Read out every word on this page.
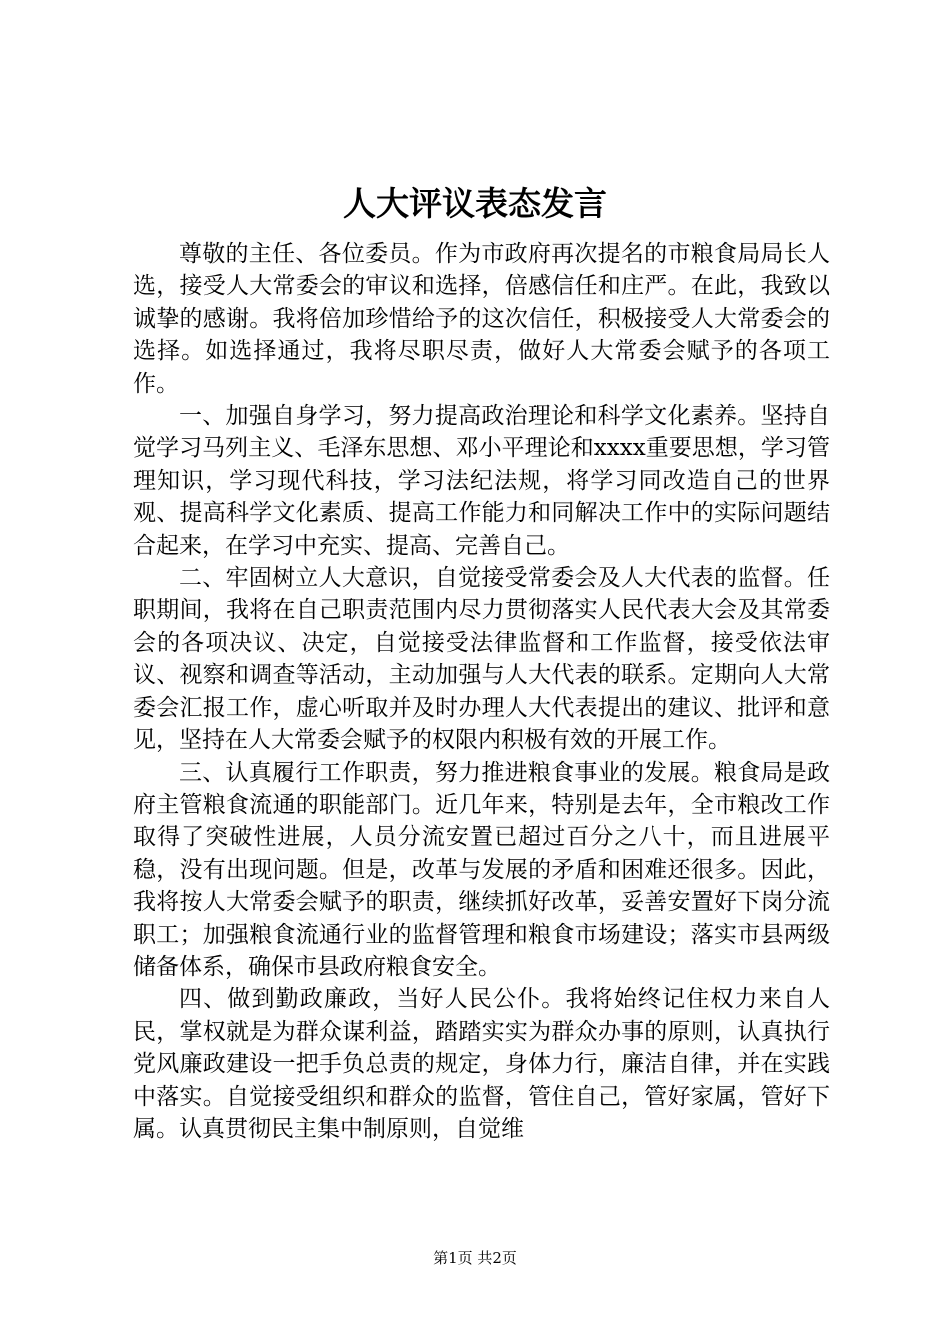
人大评议表态发言

尊敬的主任、各位委员。作为市政府再次提名的市粮食局局长人选，接受人大常委会的审议和选择，倍感信任和庄严。在此，我致以诚挚的感谢。我将倍加珍惜给予的这次信任，积极接受人大常委会的选择。如选择通过，我将尽职尽责，做好人大常委会赋予的各项工作。

一、加强自身学习，努力提高政治理论和科学文化素养。坚持自觉学习马列主义、毛泽东思想、邓小平理论和xxxx重要思想，学习管理知识，学习现代科技，学习法纪法规，将学习同改造自己的世界观、提高科学文化素质、提高工作能力和同解决工作中的实际问题结合起来，在学习中充实、提高、完善自己。

二、牢固树立人大意识，自觉接受常委会及人大代表的监督。任职期间，我将在自己职责范围内尽力贯彻落实人民代表大会及其常委会的各项决议、决定，自觉接受法律监督和工作监督，接受依法审议、视察和调查等活动，主动加强与人大代表的联系。定期向人大常委会汇报工作，虚心听取并及时办理人大代表提出的建议、批评和意见，坚持在人大常委会赋予的权限内积极有效的开展工作。

三、认真履行工作职责，努力推进粮食事业的发展。粮食局是政府主管粮食流通的职能部门。近几年来，特别是去年，全市粮改工作取得了突破性进展，人员分流安置已超过百分之八十，而且进展平稳，没有出现问题。但是，改革与发展的矛盾和困难还很多。因此，我将按人大常委会赋予的职责，继续抓好改革，妥善安置好下岗分流职工；加强粮食流通行业的监督管理和粮食市场建设；落实市县两级储备体系，确保市县政府粮食安全。

四、做到勤政廉政，当好人民公仆。我将始终记住权力来自人民，掌权就是为群众谋利益，踏踏实实为群众办事的原则，认真执行党风廉政建设一把手负总责的规定，身体力行，廉洁自律，并在实践中落实。自觉接受组织和群众的监督，管住自己，管好家属，管好下属。认真贯彻民主集中制原则，自觉维

第1页 共2页
